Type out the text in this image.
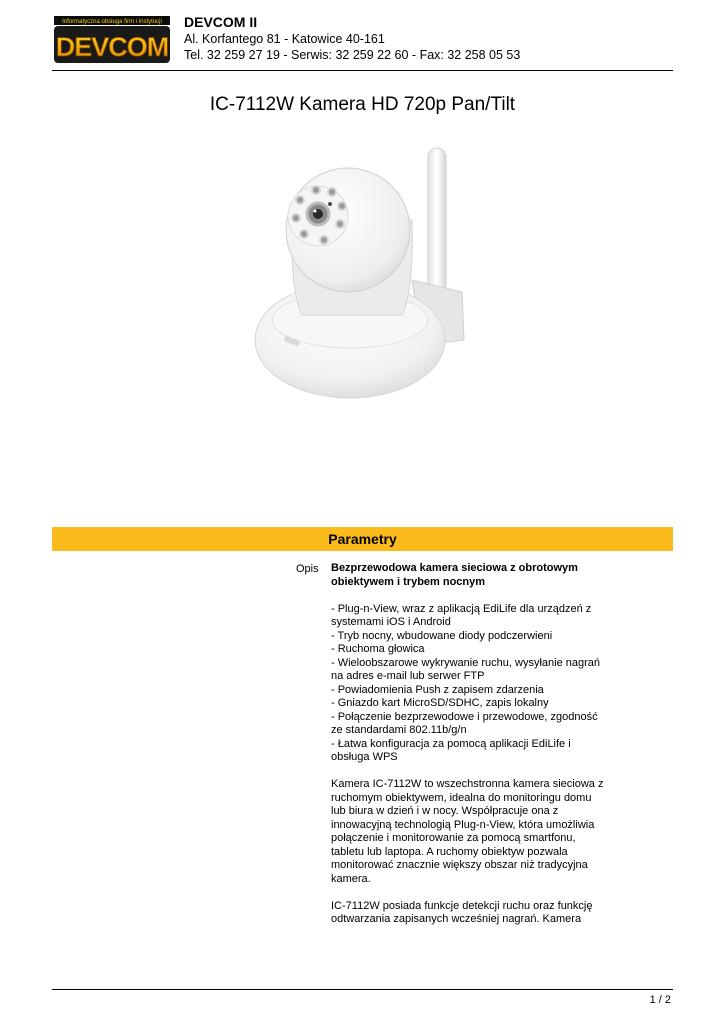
Informatyczna obsługa firm i instytucji
DEVCOM
DEVCOM II
Al. Korfantego 81 - Katowice 40-161
Tel. 32 259 27 19 - Serwis: 32 259 22 60 - Fax: 32 258 05 53
IC-7112W Kamera HD 720p Pan/Tilt
Parametry
Opis Bezprzewodowa kamera sieciowa z obrotowym obiektywem i trybem nocnym
- Plug-n-View, wraz z aplikacją EdiLife dla urządzeń z systemami iOS i Android
- Tryb nocny, wbudowane diody podczerwieni
- Ruchoma głowica
- Wieloobszarowe wykrywanie ruchu, wysyłanie nagrań na adres e-mail lub serwer FTP
- Powiadomienia Push z zapisem zdarzenia
- Gniazdo kart MicroSD/SDHC, zapis lokalny
- Połączenie bezprzewodowe i przewodowe, zgodność ze standardami 802.11b/g/n
- Łatwa konfiguracja za pomocą aplikacji EdiLife i obsługa WPS
Kamera IC-7112W to wszechstronna kamera sieciowa z ruchomym obiektywem, idealna do monitoringu domu lub biura w dzień i w nocy. Współpracuje ona z innowacyjną technologią Plug-n-View, która umożliwia połączenie i monitorowanie za pomocą smartfonu, tabletu lub laptopa. A ruchomy obiektyw pozwala monitorować znacznie większy obszar niż tradycyjna kamera.
IC-7112W posiada funkcje detekcji ruchu oraz funkcję odtwarzania zapisanych wcześniej nagrań. Kamera
1 / 2
